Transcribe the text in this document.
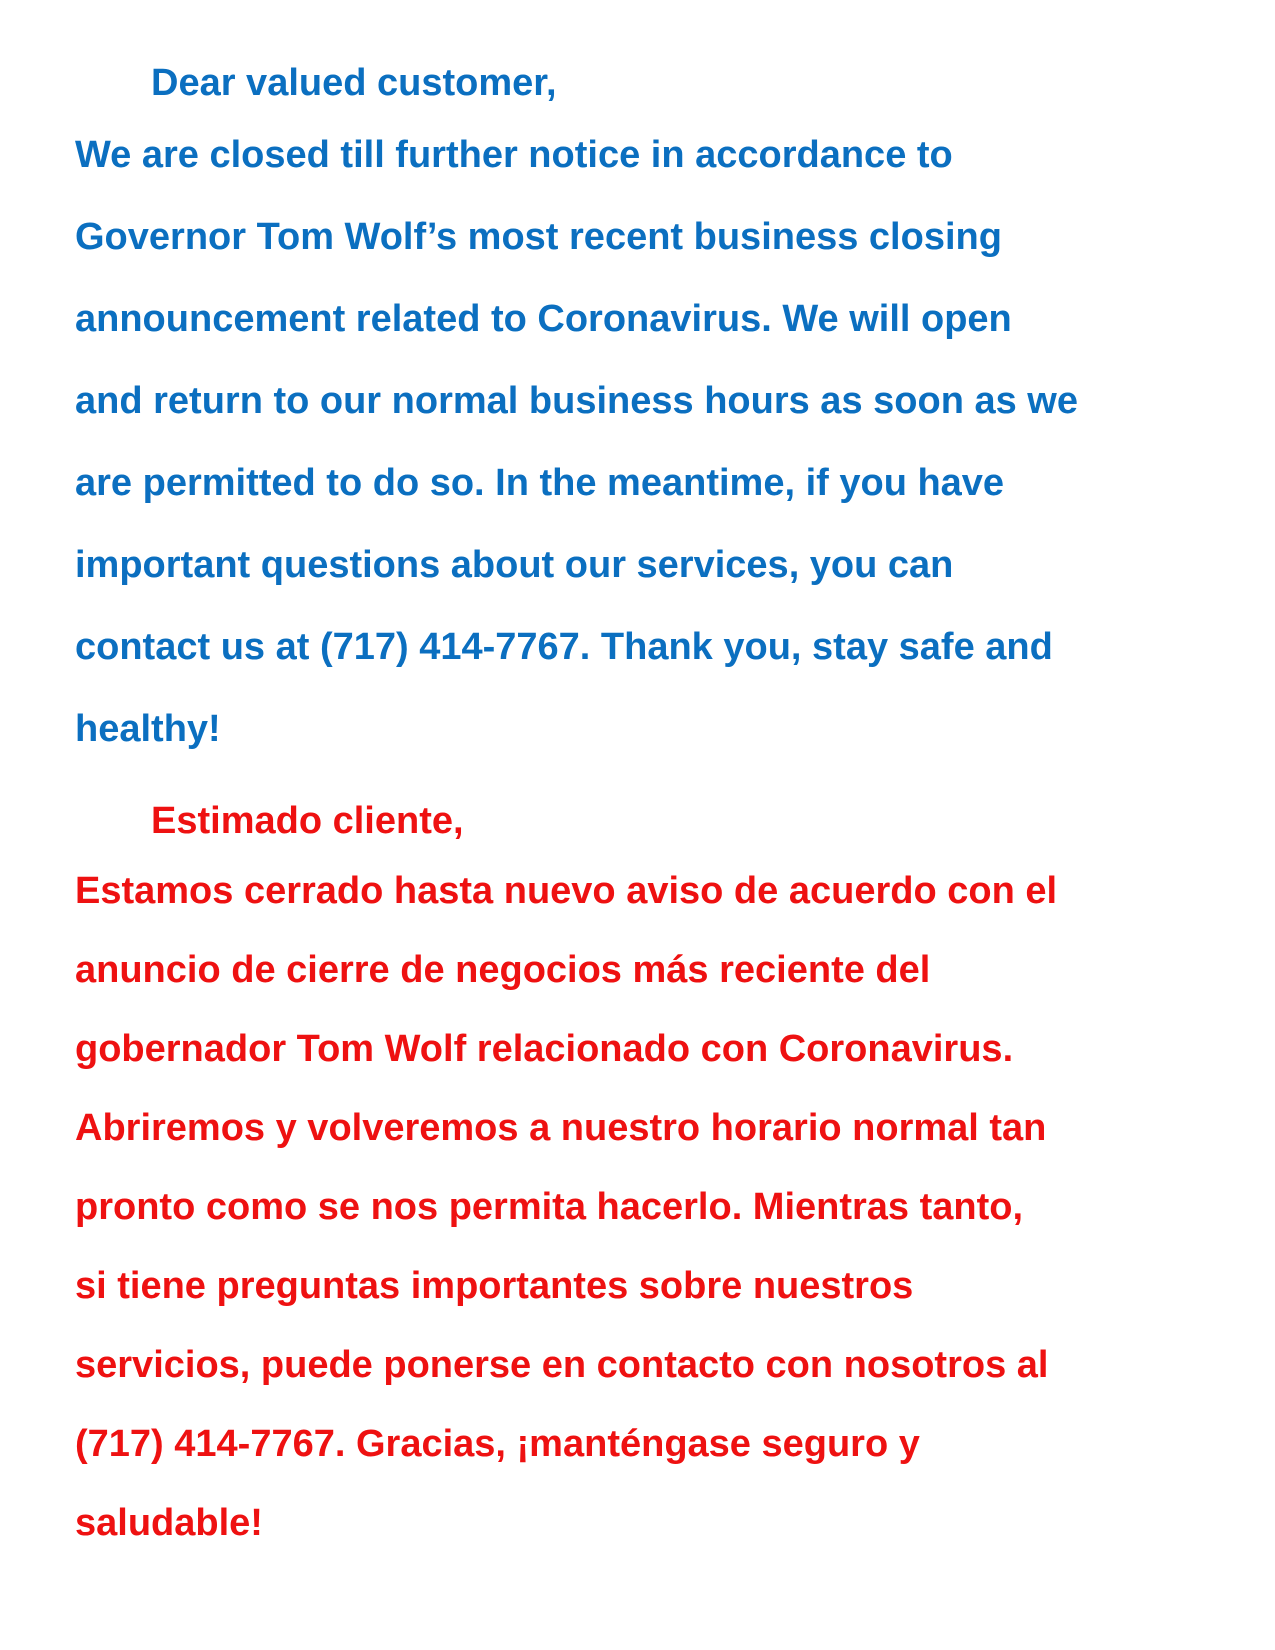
Dear valued customer,

We are closed till further notice in accordance to
Governor Tom Wolf’s most recent business closing
announcement related to Coronavirus. We will open
and return to our normal business hours as soon as we
are permitted to do so. In the meantime, if you have
important questions about our services, you can
contact us at (717) 414-7767. Thank you, stay safe and
healthy!

Estimado cliente,

Estamos cerrado hasta nuevo aviso de acuerdo con el
anuncio de cierre de negocios más reciente del
gobernador Tom Wolf relacionado con Coronavirus.
Abriremos y volveremos a nuestro horario normal tan
pronto como se nos permita hacerlo. Mientras tanto,
si tiene preguntas importantes sobre nuestros
servicios, puede ponerse en contacto con nosotros al
(717) 414-7767. Gracias, ¡manténgase seguro y
saludable!
